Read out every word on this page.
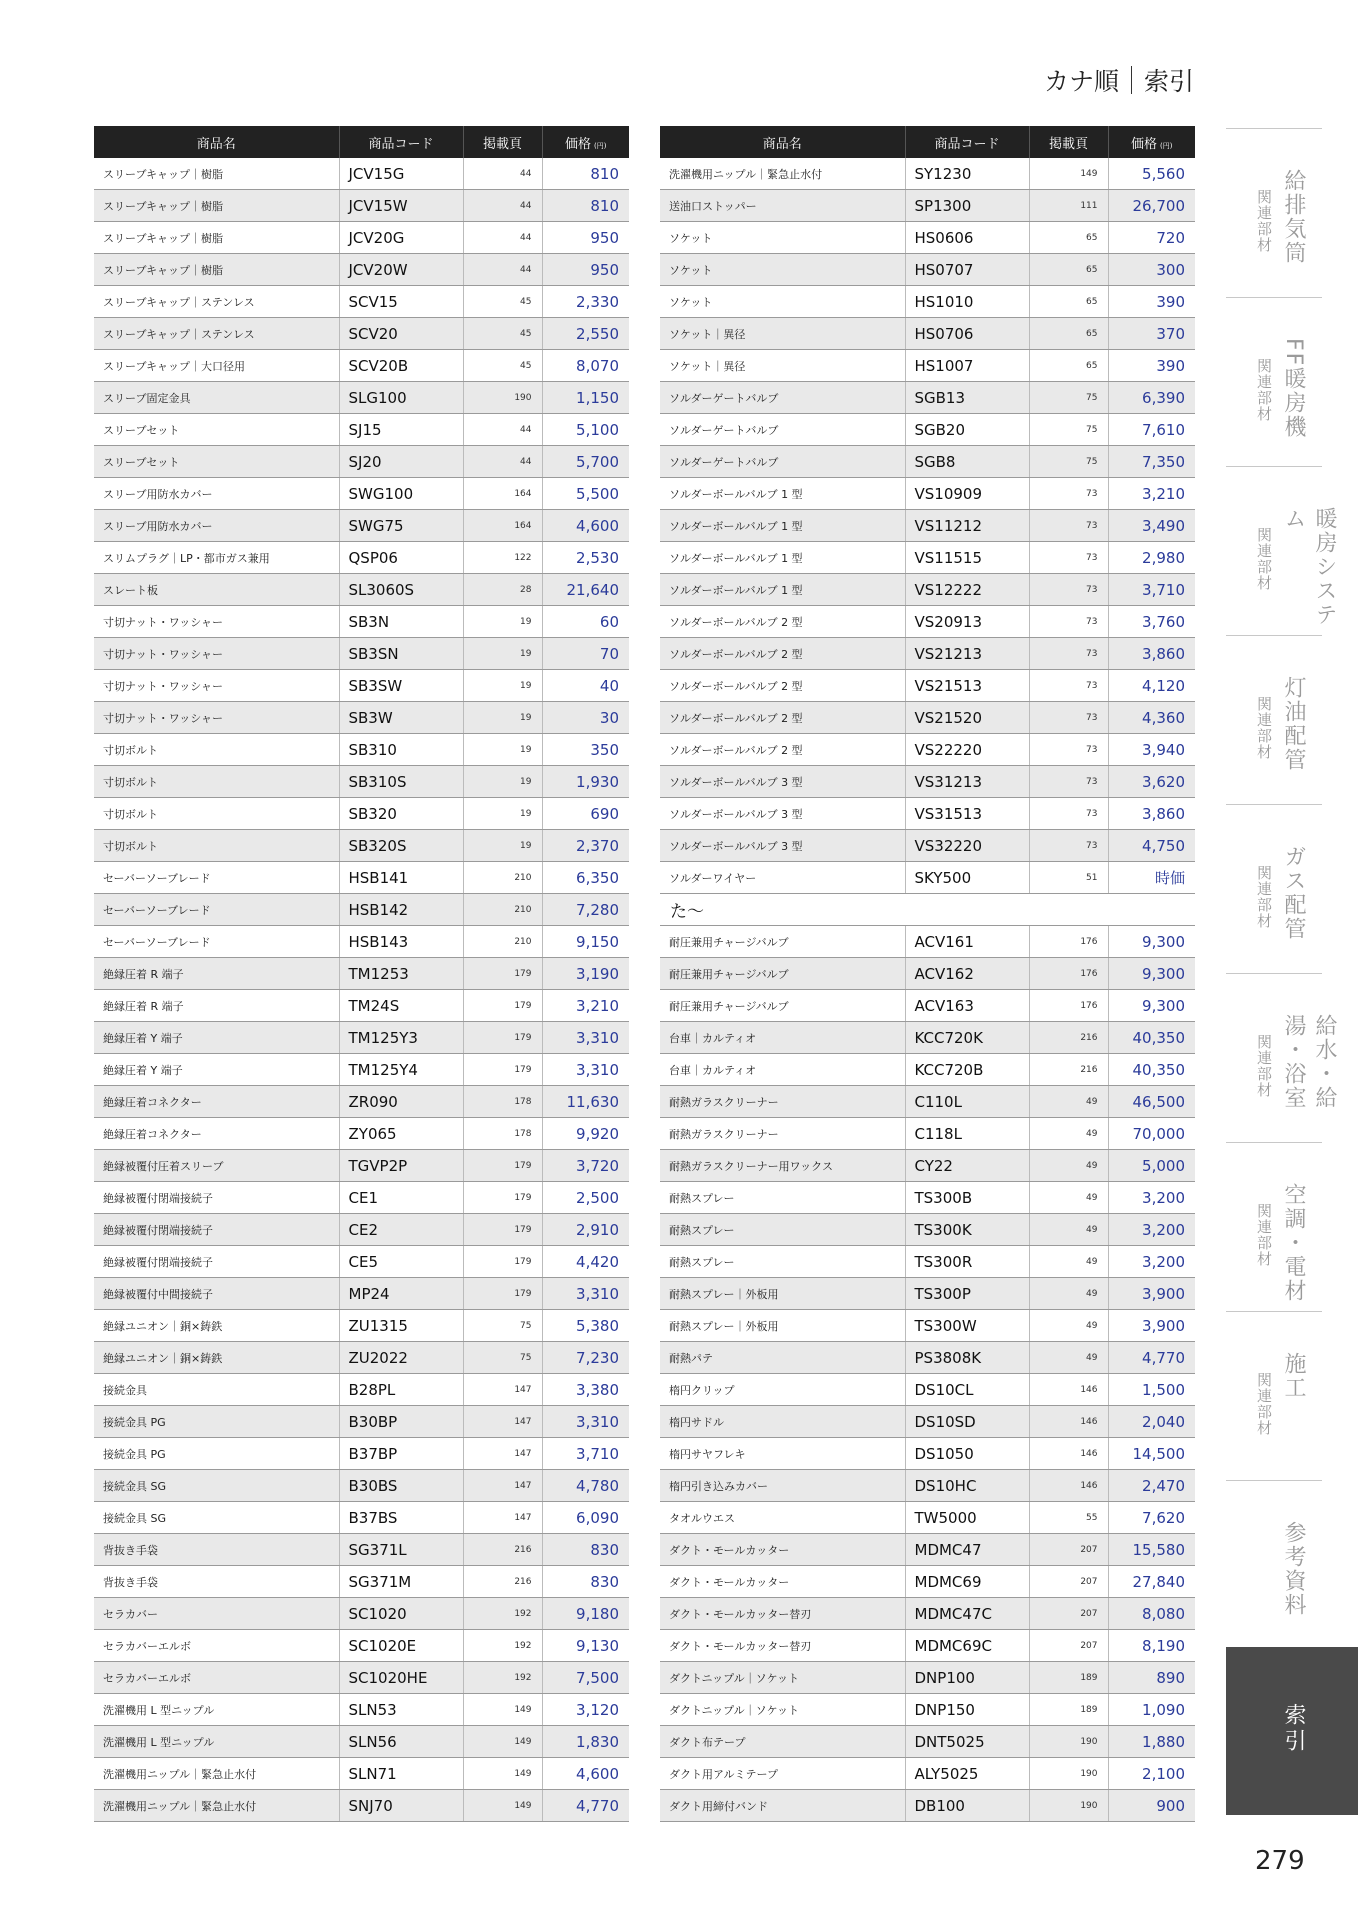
カナ順 索引
商品名	商品コード	掲載頁	価格 (円)
スリーブキャップ｜樹脂	JCV15G	44	810
スリーブキャップ｜樹脂	JCV15W	44	810
スリーブキャップ｜樹脂	JCV20G	44	950
スリーブキャップ｜樹脂	JCV20W	44	950
スリーブキャップ｜ステンレス	SCV15	45	2,330
スリーブキャップ｜ステンレス	SCV20	45	2,550
スリーブキャップ｜大口径用	SCV20B	45	8,070
スリーブ固定金具	SLG100	190	1,150
スリーブセット	SJ15	44	5,100
スリーブセット	SJ20	44	5,700
スリーブ用防水カバー	SWG100	164	5,500
スリーブ用防水カバー	SWG75	164	4,600
スリムプラグ｜LP・都市ガス兼用	QSP06	122	2,530
スレート板	SL3060S	28	21,640
寸切ナット・ワッシャー	SB3N	19	60
寸切ナット・ワッシャー	SB3SN	19	70
寸切ナット・ワッシャー	SB3SW	19	40
寸切ナット・ワッシャー	SB3W	19	30
寸切ボルト	SB310	19	350
寸切ボルト	SB310S	19	1,930
寸切ボルト	SB320	19	690
寸切ボルト	SB320S	19	2,370
セーバーソーブレード	HSB141	210	6,350
セーバーソーブレード	HSB142	210	7,280
セーバーソーブレード	HSB143	210	9,150
絶縁圧着 R 端子	TM1253	179	3,190
絶縁圧着 R 端子	TM24S	179	3,210
絶縁圧着 Y 端子	TM125Y3	179	3,310
絶縁圧着 Y 端子	TM125Y4	179	3,310
絶縁圧着コネクター	ZR090	178	11,630
絶縁圧着コネクター	ZY065	178	9,920
絶縁被覆付圧着スリーブ	TGVP2P	179	3,720
絶縁被覆付閉端接続子	CE1	179	2,500
絶縁被覆付閉端接続子	CE2	179	2,910
絶縁被覆付閉端接続子	CE5	179	4,420
絶縁被覆付中間接続子	MP24	179	3,310
絶縁ユニオン｜銅×鋳鉄	ZU1315	75	5,380
絶縁ユニオン｜銅×鋳鉄	ZU2022	75	7,230
接続金具	B28PL	147	3,380
接続金具 PG	B30BP	147	3,310
接続金具 PG	B37BP	147	3,710
接続金具 SG	B30BS	147	4,780
接続金具 SG	B37BS	147	6,090
背抜き手袋	SG371L	216	830
背抜き手袋	SG371M	216	830
セラカバー	SC1020	192	9,180
セラカバーエルボ	SC1020E	192	9,130
セラカバーエルボ	SC1020HE	192	7,500
洗濯機用 L 型ニップル	SLN53	149	3,120
洗濯機用 L 型ニップル	SLN56	149	1,830
洗濯機用ニップル｜緊急止水付	SLN71	149	4,600
洗濯機用ニップル｜緊急止水付	SNJ70	149	4,770
商品名	商品コード	掲載頁	価格 (円)
洗濯機用ニップル｜緊急止水付	SY1230	149	5,560
送油口ストッパー	SP1300	111	26,700
ソケット	HS0606	65	720
ソケット	HS0707	65	300
ソケット	HS1010	65	390
ソケット｜異径	HS0706	65	370
ソケット｜異径	HS1007	65	390
ソルダーゲートバルブ	SGB13	75	6,390
ソルダーゲートバルブ	SGB20	75	7,610
ソルダーゲートバルブ	SGB8	75	7,350
ソルダーボールバルブ 1 型	VS10909	73	3,210
ソルダーボールバルブ 1 型	VS11212	73	3,490
ソルダーボールバルブ 1 型	VS11515	73	2,980
ソルダーボールバルブ 1 型	VS12222	73	3,710
ソルダーボールバルブ 2 型	VS20913	73	3,760
ソルダーボールバルブ 2 型	VS21213	73	3,860
ソルダーボールバルブ 2 型	VS21513	73	4,120
ソルダーボールバルブ 2 型	VS21520	73	4,360
ソルダーボールバルブ 2 型	VS22220	73	3,940
ソルダーボールバルブ 3 型	VS31213	73	3,620
ソルダーボールバルブ 3 型	VS31513	73	3,860
ソルダーボールバルブ 3 型	VS32220	73	4,750
ソルダーワイヤー	SKY500	51	時価
た〜			
耐圧兼用チャージバルブ	ACV161	176	9,300
耐圧兼用チャージバルブ	ACV162	176	9,300
耐圧兼用チャージバルブ	ACV163	176	9,300
台車｜カルティオ	KCC720K	216	40,350
台車｜カルティオ	KCC720B	216	40,350
耐熱ガラスクリーナー	C110L	49	46,500
耐熱ガラスクリーナー	C118L	49	70,000
耐熱ガラスクリーナー用ワックス	CY22	49	5,000
耐熱スプレー	TS300B	49	3,200
耐熱スプレー	TS300K	49	3,200
耐熱スプレー	TS300R	49	3,200
耐熱スプレー｜外板用	TS300P	49	3,900
耐熱スプレー｜外板用	TS300W	49	3,900
耐熱パテ	PS3808K	49	4,770
楕円クリップ	DS10CL	146	1,500
楕円サドル	DS10SD	146	2,040
楕円サヤフレキ	DS1050	146	14,500
楕円引き込みカバー	DS10HC	146	2,470
タオルウエス	TW5000	55	7,620
ダクト・モールカッター	MDMC47	207	15,580
ダクト・モールカッター	MDMC69	207	27,840
ダクト・モールカッター替刃	MDMC47C	207	8,080
ダクト・モールカッター替刃	MDMC69C	207	8,190
ダクトニップル｜ソケット	DNP100	189	890
ダクトニップル｜ソケット	DNP150	189	1,090
ダクト布テープ	DNT5025	190	1,880
ダクト用アルミテープ	ALY5025	190	2,100
ダクト用締付バンド	DB100	190	900
関連部材 給排気筒
関連部材 FF暖房機
関連部材	暖房システム
関連部材 灯油配管
関連部材 ガス配管
関連部材	給水・給湯・浴室
関連部材 空調・電材
関連部材 施工
参考資料
索引
279
